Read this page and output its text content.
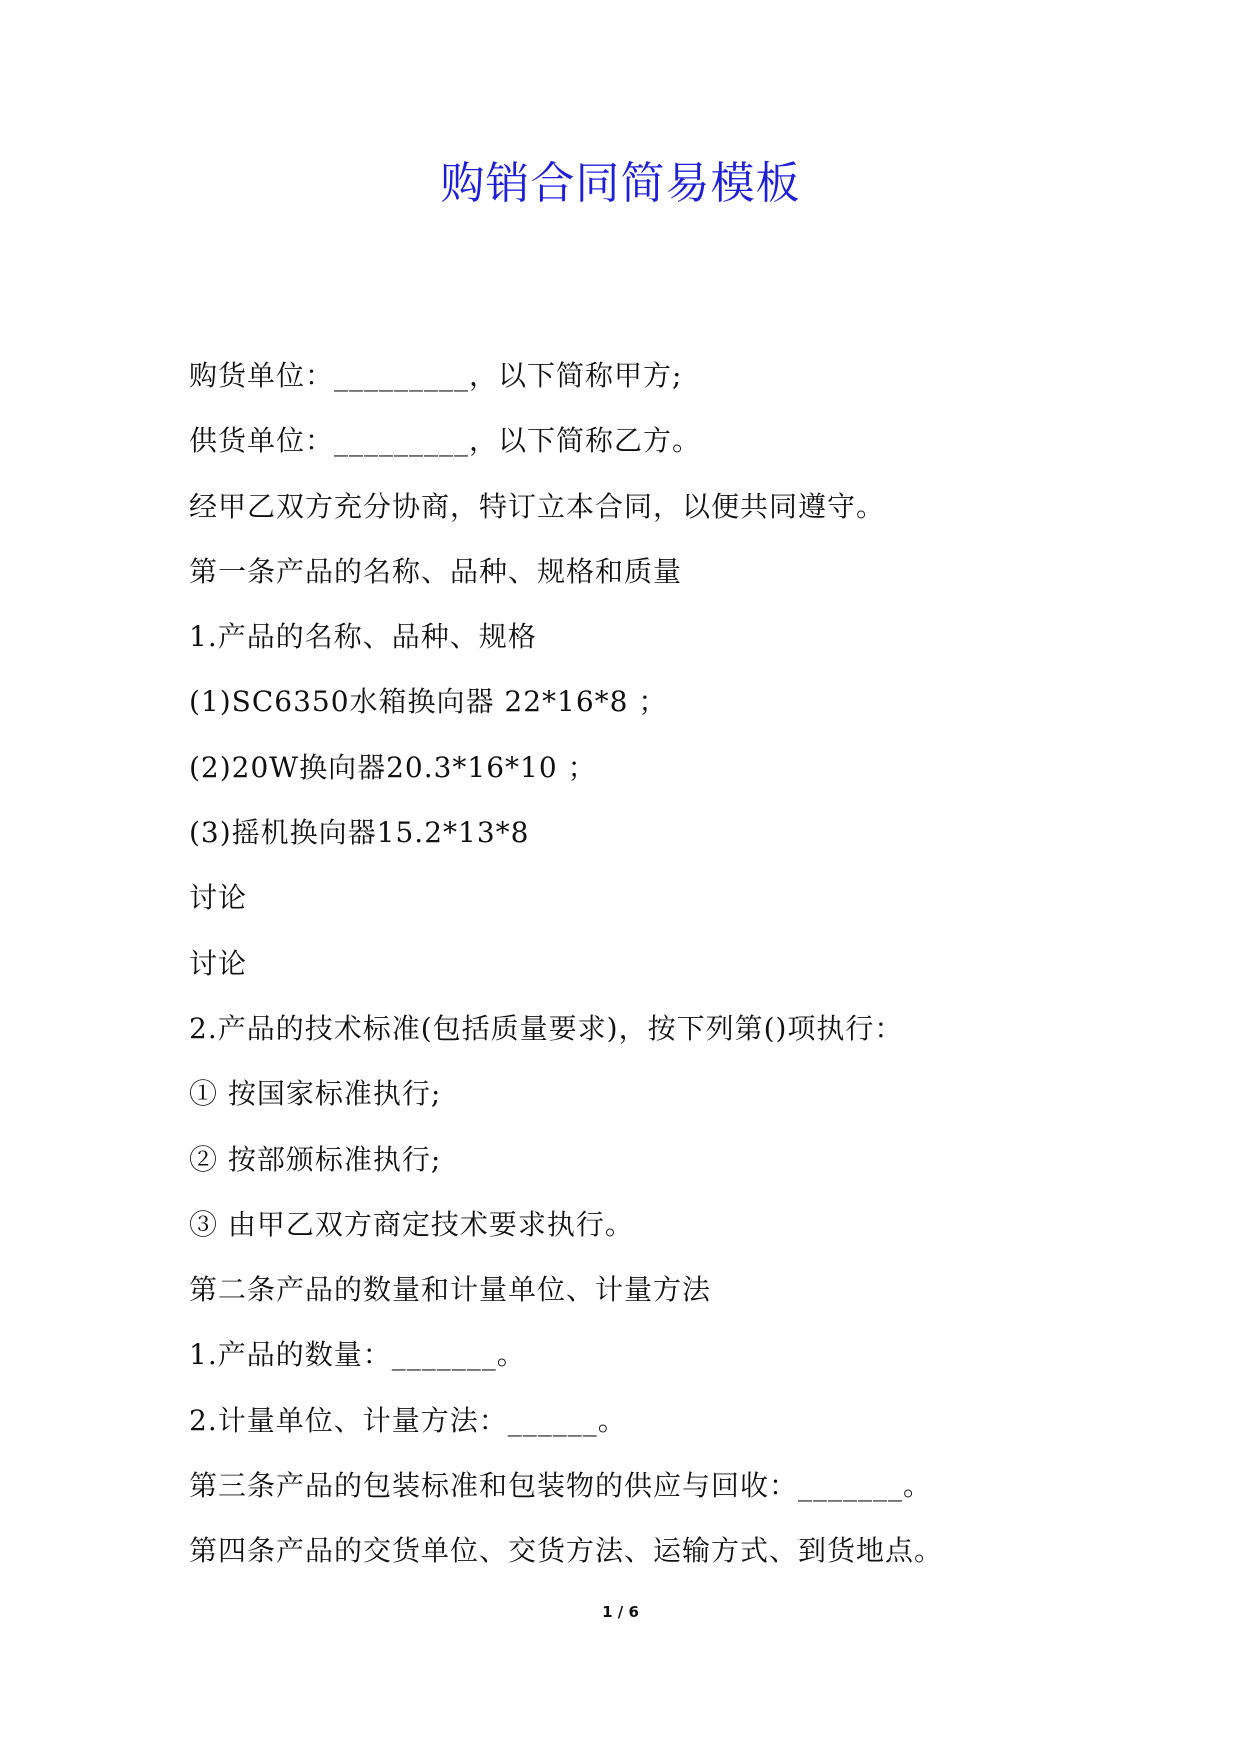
购销合同简易模板
购货单位：_________，以下简称甲方;
供货单位：_________，以下简称乙方。
经甲乙双方充分协商，特订立本合同，以便共同遵守。
第一条产品的名称、品种、规格和质量
1.产品的名称、品种、规格
(1)SC6350水箱换向器 22*16*8 ；
(2)20W换向器20.3*16*10 ；
(3)摇机换向器15.2*13*8
讨论
讨论
2.产品的技术标准(包括质量要求)，按下列第()项执行：
① 按国家标准执行;
② 按部颁标准执行;
③ 由甲乙双方商定技术要求执行。
第二条产品的数量和计量单位、计量方法
1.产品的数量：_______。
2.计量单位、计量方法：______。
第三条产品的包装标准和包装物的供应与回收：_______。
第四条产品的交货单位、交货方法、运输方式、到货地点。
1 / 6
